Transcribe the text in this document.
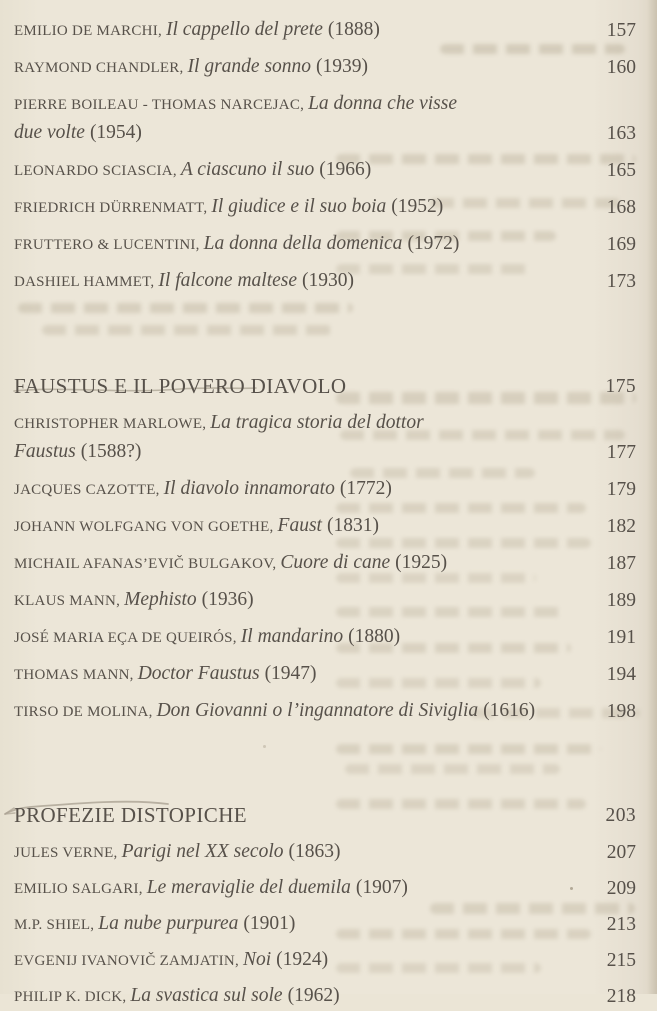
EMILIO DE MARCHI, Il cappello del prete (1888)	157
RAYMOND CHANDLER, Il grande sonno (1939)	160
PIERRE BOILEAU - THOMAS NARCEJAC, La donna che visse
due volte (1954)	163
LEONARDO SCIASCIA, A ciascuno il suo (1966)	165
FRIEDRICH DÜRRENMATT, Il giudice e il suo boia (1952)	168
FRUTTERO & LUCENTINI, La donna della domenica (1972)	169
DASHIEL HAMMET, Il falcone maltese (1930)	173
FAUSTUS E IL POVERO DIAVOLO	175
CHRISTOPHER MARLOWE, La tragica storia del dottor
Faustus (1588?)	177
JACQUES CAZOTTE, Il diavolo innamorato (1772)	179
JOHANN WOLFGANG VON GOETHE, Faust (1831)	182
MICHAIL AFANAS’EVIČ BULGAKOV, Cuore di cane (1925)	187
KLAUS MANN, Mephisto (1936)	189
JOSÉ MARIA EÇA DE QUEIRÓS, Il mandarino (1880)	191
THOMAS MANN, Doctor Faustus (1947)	194
TIRSO DE MOLINA, Don Giovanni o l’ingannatore di Siviglia (1616)	198
PROFEZIE DISTOPICHE	203
JULES VERNE, Parigi nel XX secolo (1863)	207
EMILIO SALGARI, Le meraviglie del duemila (1907)	209
M.P. SHIEL, La nube purpurea (1901)	213
EVGENIJ IVANOVIČ ZAMJATIN, Noi (1924)	215
PHILIP K. DICK, La svastica sul sole (1962)	218
